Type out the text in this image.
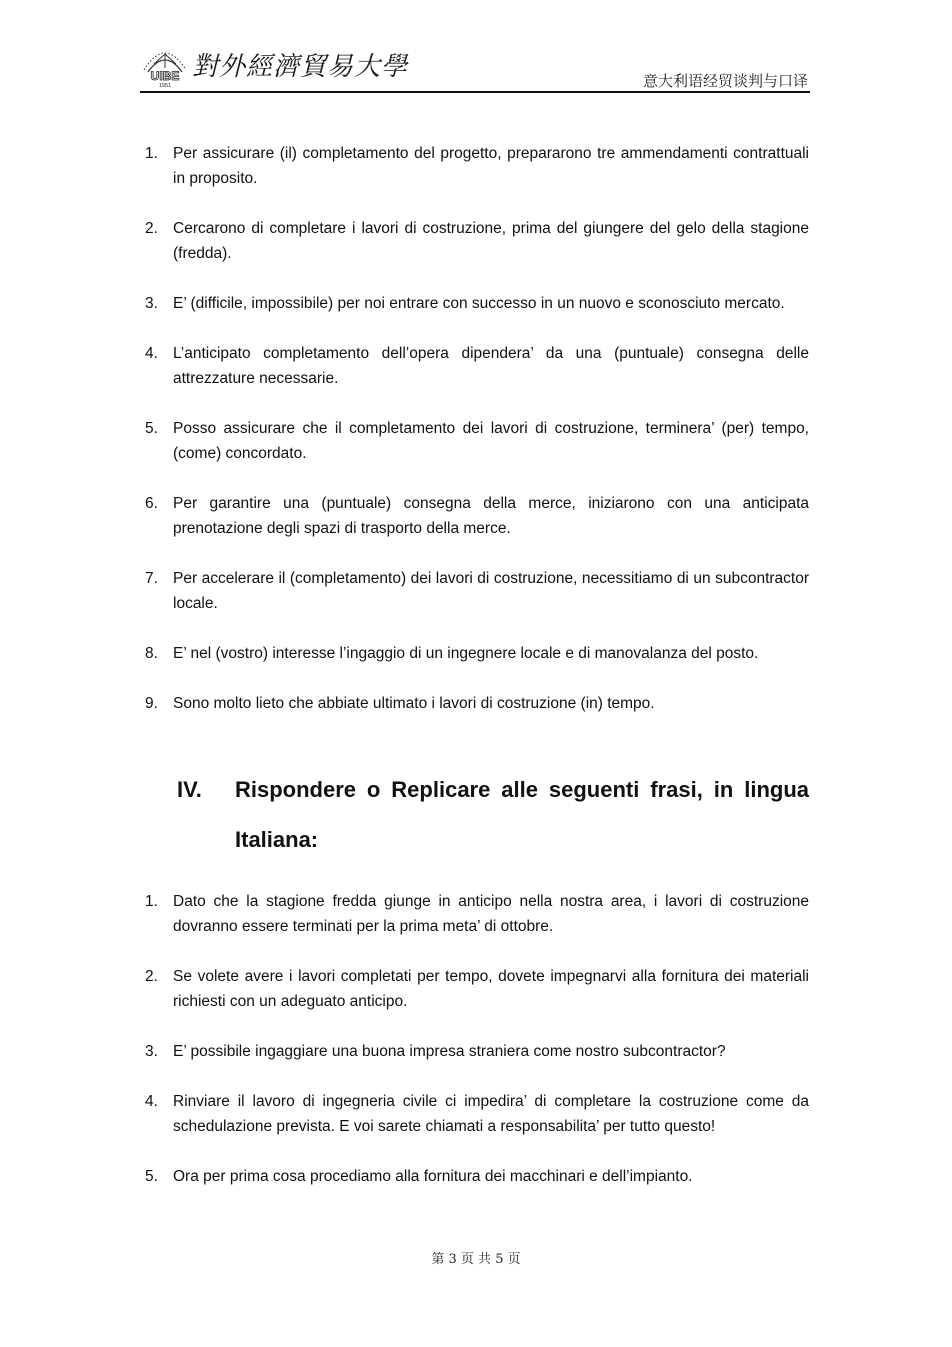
UIBE
1951
對外經濟貿易大學	意大利语经贸谈判与口译
1. Per assicurare (il) completamento del progetto, prepararono tre ammendamenti contrattuali in proposito.
2. Cercarono di completare i lavori di costruzione, prima del giungere del gelo della stagione (fredda).
3. E’ (difficile, impossibile) per noi entrare con successo in un nuovo e sconosciuto mercato.
4. L’anticipato completamento dell’opera dipendera’ da una (puntuale) consegna delle attrezzature necessarie.
5. Posso assicurare che il completamento dei lavori di costruzione, terminera’ (per) tempo, (come) concordato.
6. Per garantire una (puntuale) consegna della merce, iniziarono con una anticipata prenotazione degli spazi di trasporto della merce.
7. Per accelerare il (completamento) dei lavori di costruzione, necessitiamo di un subcontractor locale.
8. E’ nel (vostro) interesse l’ingaggio di un ingegnere locale e di manovalanza del posto.
9. Sono molto lieto che abbiate ultimato i lavori di costruzione (in) tempo.
IV. Rispondere o Replicare alle seguenti frasi, in lingua Italiana:
1. Dato che la stagione fredda giunge in anticipo nella nostra area, i lavori di costruzione dovranno essere terminati per la prima meta’ di ottobre.
2. Se volete avere i lavori completati per tempo, dovete impegnarvi alla fornitura dei materiali richiesti con un adeguato anticipo.
3. E’ possibile ingaggiare una buona impresa straniera come nostro subcontractor?
4. Rinviare il lavoro di ingegneria civile ci impedira’ di completare la costruzione come da schedulazione prevista. E voi sarete chiamati a responsabilita’ per tutto questo!
5. Ora per prima cosa procediamo alla fornitura dei macchinari e dell’impianto.
第 3 页 共 5 页
